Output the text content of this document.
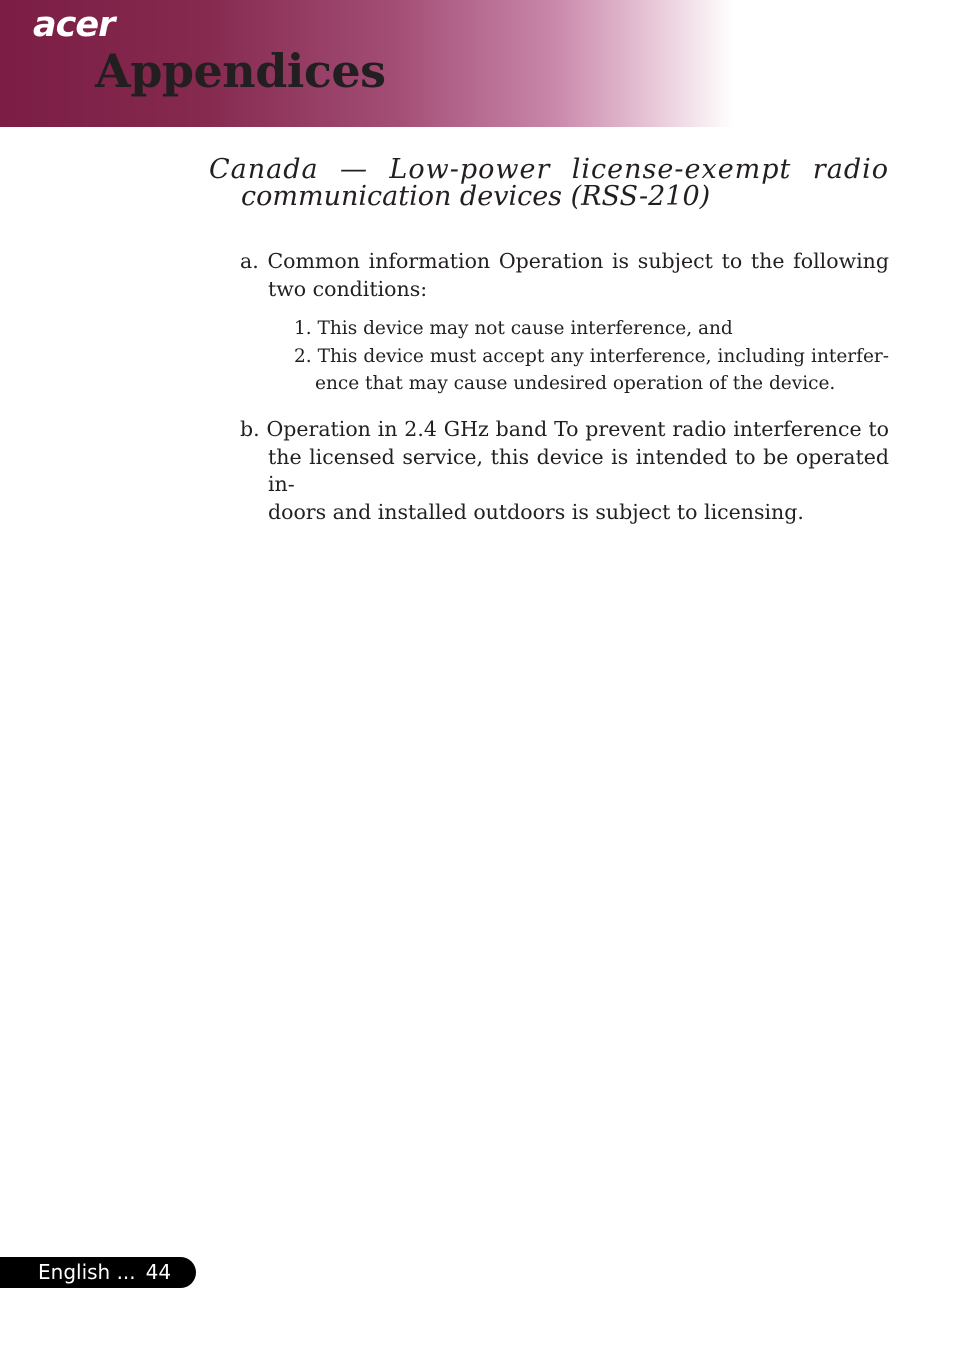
acer
Appendices
Canada — Low-power license-exempt radio
communication devices (RSS-210)

a. Common information Operation is subject to the following
two conditions:

1. This device may not cause interference, and
2. This device must accept any interference, including interfer-
ence that may cause undesired operation of the device.

b. Operation in 2.4 GHz band To prevent radio interference to
the licensed service, this device is intended to be operated in-
doors and installed outdoors is subject to licensing.

English ... 44
